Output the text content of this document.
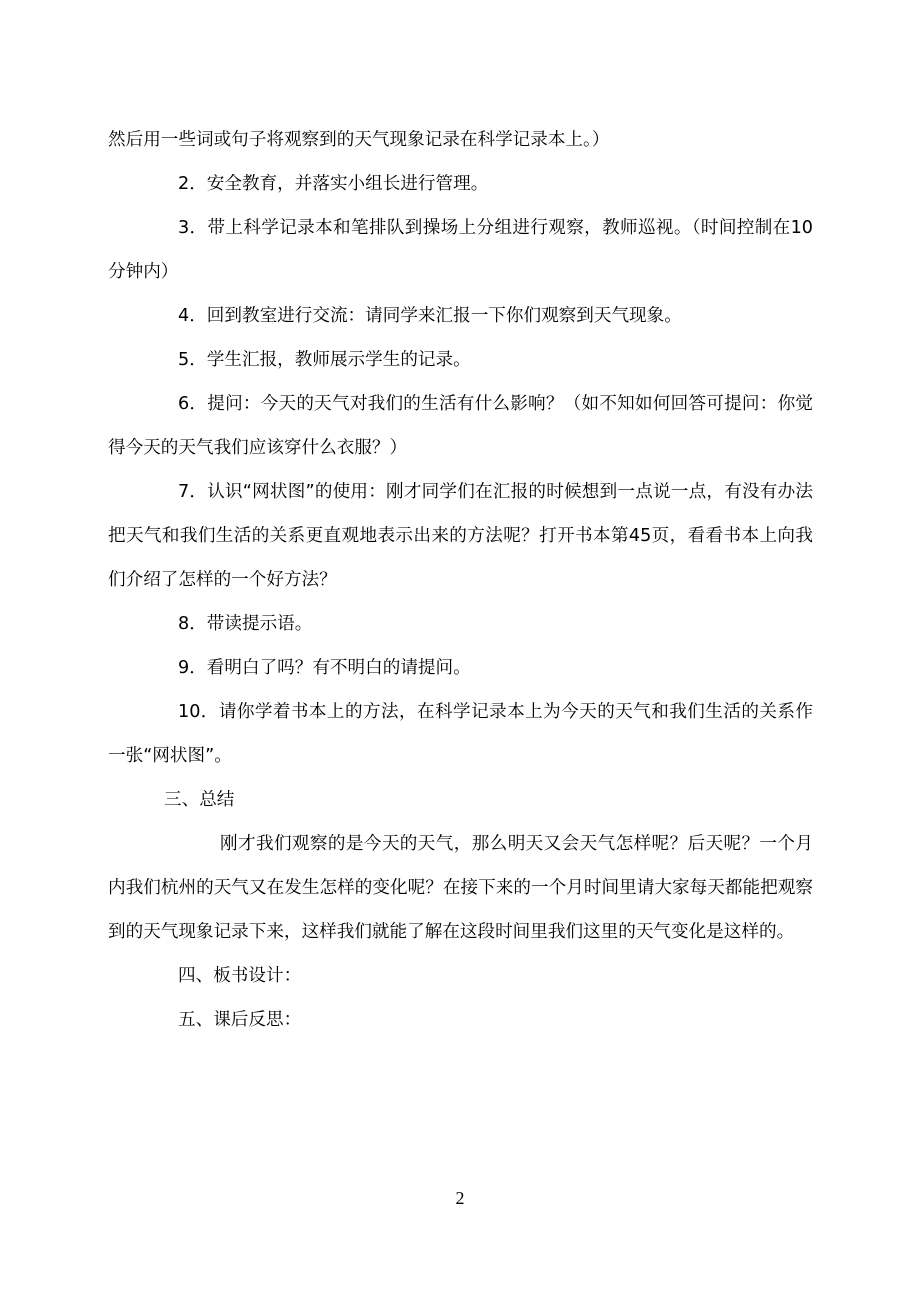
然后用一些词或句子将观察到的天气现象记录在科学记录本上。）

2．安全教育，并落实小组长进行管理。

3．带上科学记录本和笔排队到操场上分组进行观察，教师巡视。（时间控制在10分钟内）

4．回到教室进行交流：请同学来汇报一下你们观察到天气现象。

5．学生汇报，教师展示学生的记录。

6．提问：今天的天气对我们的生活有什么影响？（如不知如何回答可提问：你觉得今天的天气我们应该穿什么衣服？）

7．认识“网状图”的使用：刚才同学们在汇报的时候想到一点说一点，有没有办法把天气和我们生活的关系更直观地表示出来的方法呢？打开书本第45页，看看书本上向我们介绍了怎样的一个好方法？

8．带读提示语。

9．看明白了吗？有不明白的请提问。

10．请你学着书本上的方法，在科学记录本上为今天的天气和我们生活的关系作一张“网状图”。

三、总结

刚才我们观察的是今天的天气，那么明天又会天气怎样呢？后天呢？一个月内我们杭州的天气又在发生怎样的变化呢？在接下来的一个月时间里请大家每天都能把观察到的天气现象记录下来，这样我们就能了解在这段时间里我们这里的天气变化是这样的。

四、板书设计：

五、课后反思：

2
